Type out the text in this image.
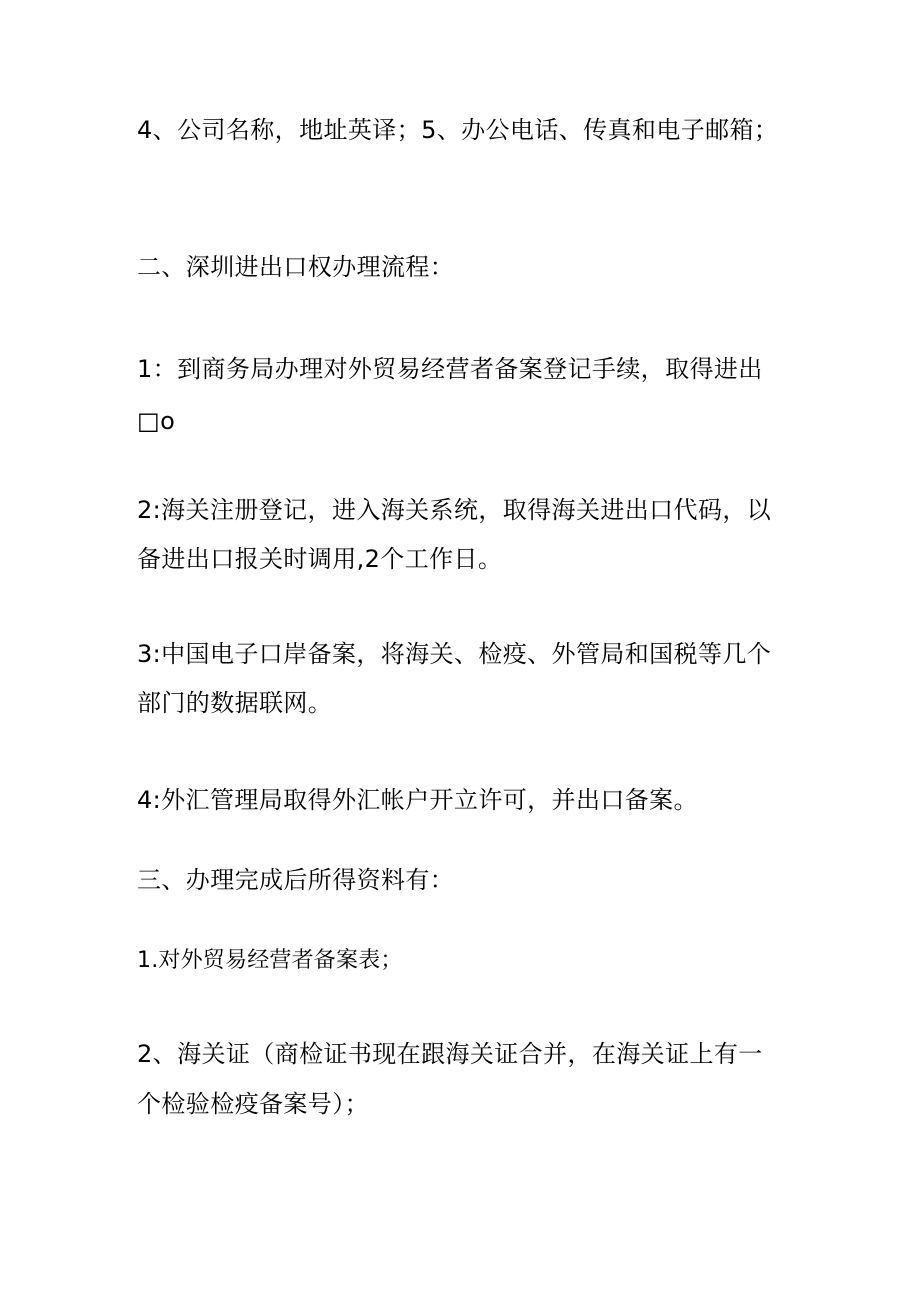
4、公司名称，地址英译；5、办公电话、传真和电子邮箱；
二、深圳进出口权办理流程：
1：到商务局办理对外贸易经营者备案登记手续，取得进出
□o
2:海关注册登记，进入海关系统，取得海关进出口代码，以
备进出口报关时调用,2个工作日。
3:中国电子口岸备案，将海关、检疫、外管局和国税等几个
部门的数据联网。
4:外汇管理局取得外汇帐户开立许可，并出口备案。
三、办理完成后所得资料有：
1.对外贸易经营者备案表；
2、海关证（商检证书现在跟海关证合并，在海关证上有一
个检验检疫备案号）；
